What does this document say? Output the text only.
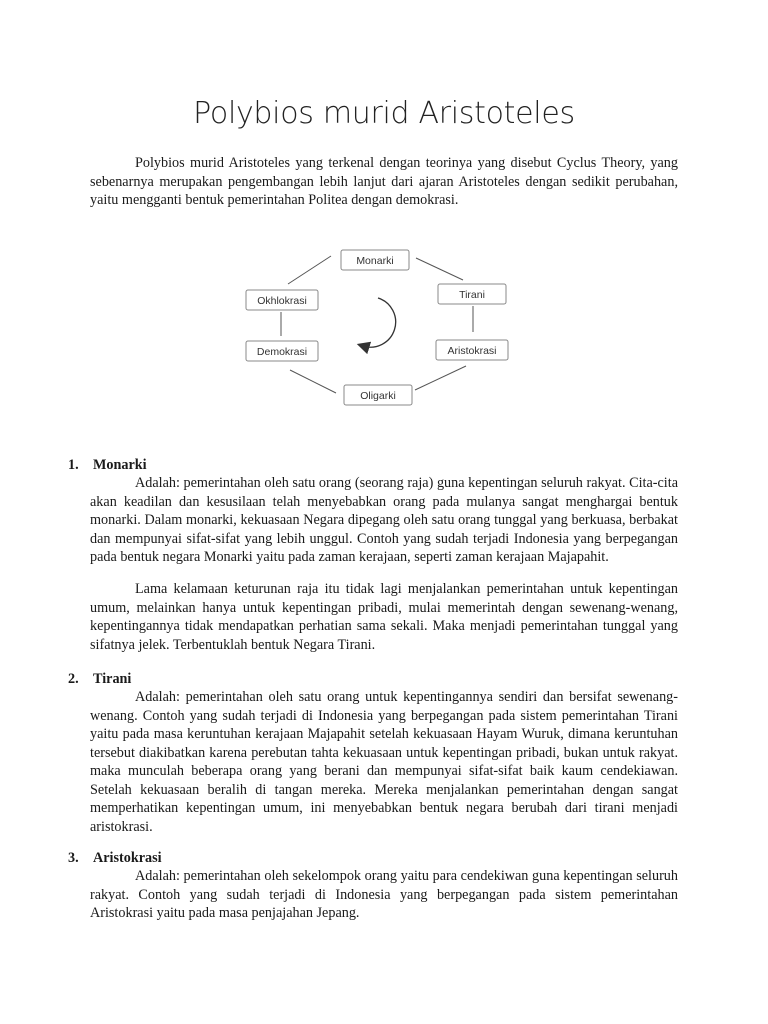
Polybios murid Aristoteles

Polybios murid Aristoteles yang terkenal dengan teorinya yang disebut Cyclus Theory, yang sebenarnya merupakan pengembangan lebih lanjut dari ajaran Aristoteles dengan sedikit perubahan, yaitu mengganti bentuk pemerintahan Politea dengan demokrasi.

Monarki
Tirani
Aristokrasi
Oligarki
Demokrasi
Okhlokrasi
1. Monarki

Adalah: pemerintahan oleh satu orang (seorang raja) guna kepentingan seluruh rakyat. Cita-cita akan keadilan dan kesusilaan telah menyebabkan orang pada mulanya sangat menghargai bentuk monarki. Dalam monarki, kekuasaan Negara dipegang oleh satu orang tunggal yang berkuasa, berbakat dan mempunyai sifat-sifat yang lebih unggul. Contoh yang sudah terjadi Indonesia yang berpegangan pada bentuk negara Monarki yaitu pada zaman kerajaan, seperti zaman kerajaan Majapahit.

Lama kelamaan keturunan raja itu tidak lagi menjalankan pemerintahan untuk kepentingan umum, melainkan hanya untuk kepentingan pribadi, mulai memerintah dengan sewenang-wenang, kepentingannya tidak mendapatkan perhatian sama sekali. Maka menjadi pemerintahan tunggal yang sifatnya jelek. Terbentuklah bentuk Negara Tirani.

2. Tirani

Adalah: pemerintahan oleh satu orang untuk kepentingannya sendiri dan bersifat sewenang-wenang. Contoh yang sudah terjadi di Indonesia yang berpegangan pada sistem pemerintahan Tirani yaitu pada masa keruntuhan kerajaan Majapahit setelah kekuasaan Hayam Wuruk, dimana keruntuhan tersebut diakibatkan karena perebutan tahta kekuasaan untuk kepentingan pribadi, bukan untuk rakyat. maka munculah beberapa orang yang berani dan mempunyai sifat-sifat baik kaum cendekiawan. Setelah kekuasaan beralih di tangan mereka. Mereka menjalankan pemerintahan dengan sangat memperhatikan kepentingan umum, ini menyebabkan bentuk negara berubah dari tirani menjadi aristokrasi.

3. Aristokrasi

Adalah: pemerintahan oleh sekelompok orang yaitu para cendekiwan guna kepentingan seluruh rakyat. Contoh yang sudah terjadi di Indonesia yang berpegangan pada sistem pemerintahan Aristokrasi yaitu pada masa penjajahan Jepang.
